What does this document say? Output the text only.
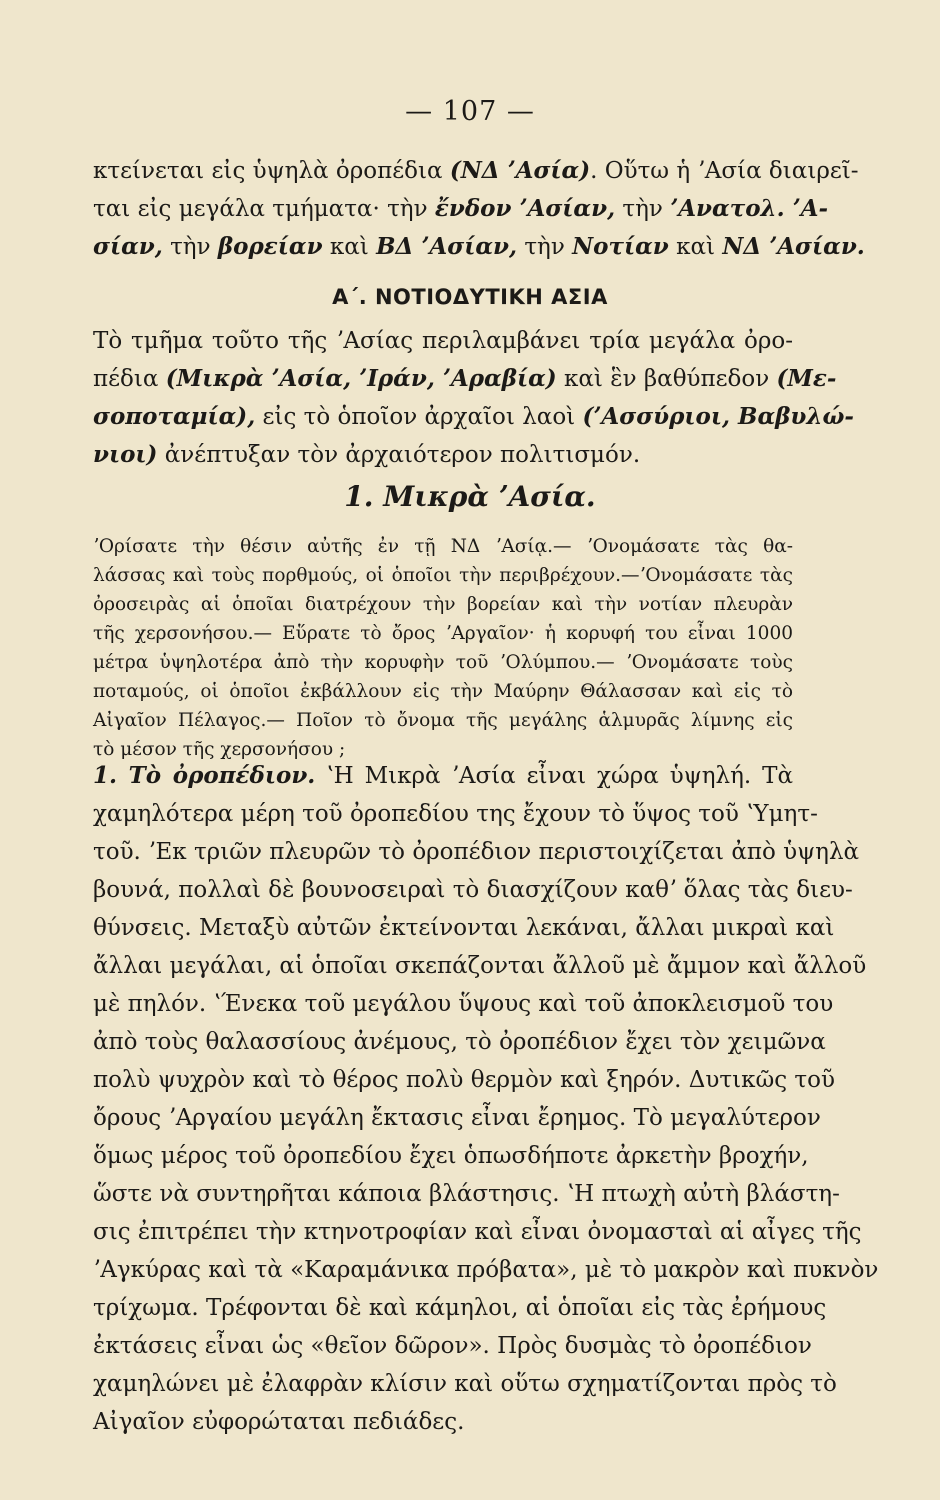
— 107 —
κτείνεται εἰς ὑψηλὰ ὀροπέδια (ΝΔ ʼΑσία). Οὕτω ἡ ʼΑσία διαιρεῖ-
ται εἰς μεγάλα τμήματα· τὴν ἔνδον ʼΑσίαν, τὴν ʼΑνατολ. ʼΑ-
σίαν, τὴν βορείαν καὶ ΒΔ ʼΑσίαν, τὴν Νοτίαν καὶ ΝΔ ʼΑσίαν.
Α΄. ΝΟΤΙΟΔΥΤΙΚΗ ΑΣΙΑ
Τὸ τμῆμα τοῦτο τῆς ʼΑσίας περιλαμβάνει τρία μεγάλα ὀρο-
πέδια (Μικρὰ ʼΑσία, ʼΙράν, ʼΑραβία) καὶ ἓν βαθύπεδον (Με-
σοποταμία), εἰς τὸ ὁποῖον ἀρχαῖοι λαοὶ (ʼΑσσύριοι, Βαβυλώ-
νιοι) ἀνέπτυξαν τὸν ἀρχαιότερον πολιτισμόν.
1. Μικρὰ ʼΑσία.
ʼΟρίσατε τὴν θέσιν αὐτῆς ἐν τῇ ΝΔ ʼΑσίᾳ.— ʼΟνομάσατε τὰς θα-
λάσσας καὶ τοὺς πορθμούς, οἱ ὁποῖοι τὴν περιβρέχουν.—ʼΟνομάσατε τὰς
ὀροσειρὰς αἱ ὁποῖαι διατρέχουν τὴν βορείαν καὶ τὴν νοτίαν πλευρὰν
τῆς χερσονήσου.— Εὕρατε τὸ ὄρος ʼΑργαῖον· ἡ κορυφή του εἶναι 1000
μέτρα ὑψηλοτέρα ἀπὸ τὴν κορυφὴν τοῦ ʼΟλύμπου.— ʼΟνομάσατε τοὺς
ποταμούς, οἱ ὁποῖοι ἐκβάλλουν εἰς τὴν Μαύρην Θάλασσαν καὶ εἰς τὸ
Αἰγαῖον Πέλαγος.— Ποῖον τὸ ὄνομα τῆς μεγάλης ἁλμυρᾶς λίμνης εἰς
τὸ μέσον τῆς χερσονήσου ;
1. Τὸ ὀροπέδιον. ʽΗ Μικρὰ ʼΑσία εἶναι χώρα ὑψηλή. Τὰ
χαμηλότερα μέρη τοῦ ὀροπεδίου της ἔχουν τὸ ὕψος τοῦ ʽΥμητ-
τοῦ. ʼΕκ τριῶν πλευρῶν τὸ ὀροπέδιον περιστοιχίζεται ἀπὸ ὑψηλὰ
βουνά, πολλαὶ δὲ βουνοσειραὶ τὸ διασχίζουν καθʼ ὅλας τὰς διευ-
θύνσεις. Μεταξὺ αὐτῶν ἐκτείνονται λεκάναι, ἄλλαι μικραὶ καὶ
ἄλλαι μεγάλαι, αἱ ὁποῖαι σκεπάζονται ἄλλοῦ μὲ ἄμμον καὶ ἄλλοῦ
μὲ πηλόν. ʽΈνεκα τοῦ μεγάλου ὕψους καὶ τοῦ ἀποκλεισμοῦ του
ἀπὸ τοὺς θαλασσίους ἀνέμους, τὸ ὀροπέδιον ἔχει τὸν χειμῶνα
πολὺ ψυχρὸν καὶ τὸ θέρος πολὺ θερμὸν καὶ ξηρόν. Δυτικῶς τοῦ
ὄρους ʼΑργαίου μεγάλη ἔκτασις εἶναι ἔρημος. Τὸ μεγαλύτερον
ὅμως μέρος τοῦ ὀροπεδίου ἔχει ὁπωσδήποτε ἀρκετὴν βροχήν,
ὥστε νὰ συντηρῆται κάποια βλάστησις. ʽΗ πτωχὴ αὐτὴ βλάστη-
σις ἐπιτρέπει τὴν κτηνοτροφίαν καὶ εἶναι ὀνομασταὶ αἱ αἶγες τῆς
ʼΑγκύρας καὶ τὰ «Καραμάνικα πρόβατα», μὲ τὸ μακρὸν καὶ πυκνὸν
τρίχωμα. Τρέφονται δὲ καὶ κάμηλοι, αἱ ὁποῖαι εἰς τὰς ἐρήμους
ἐκτάσεις εἶναι ὡς «θεῖον δῶρον». Πρὸς δυσμὰς τὸ ὀροπέδιον
χαμηλώνει μὲ ἐλαφρὰν κλίσιν καὶ οὕτω σχηματίζονται πρὸς τὸ
Αἰγαῖον εὐφορώταται πεδιάδες.
